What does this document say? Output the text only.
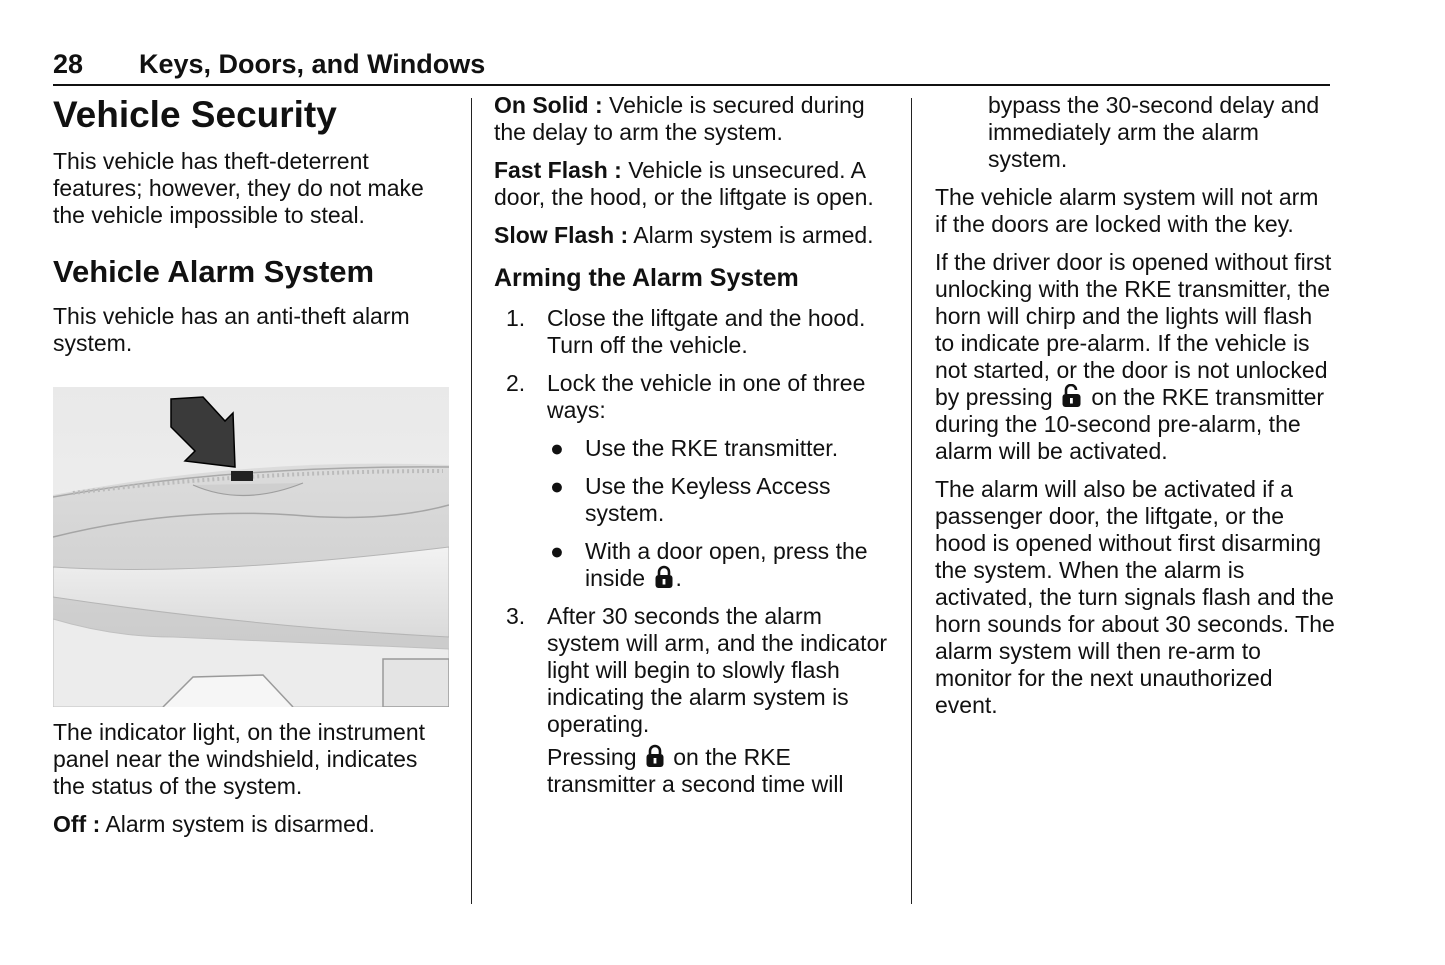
28 Keys, Doors, and Windows
Vehicle Security

This vehicle has theft-deterrent features; however, they do not make the vehicle impossible to steal.

Vehicle Alarm System

This vehicle has an anti-theft alarm system.

The indicator light, on the instrument panel near the windshield, indicates the status of the system.

Off : Alarm system is disarmed.

On Solid : Vehicle is secured during the delay to arm the system.

Fast Flash : Vehicle is unsecured. A door, the hood, or the liftgate is open.

Slow Flash : Alarm system is armed.

Arming the Alarm System
1. Close the liftgate and the hood. Turn off the vehicle.
2. Lock the vehicle in one of three ways:
● Use the RKE transmitter.
● Use the Keyless Access system.
● With a door open, press the inside .
3. After 30 seconds the alarm system will arm, and the indicator light will begin to slowly flash indicating the alarm system is operating.

Pressing  on the RKE transmitter a second time will

bypass the 30-second delay and immediately arm the alarm system.

The vehicle alarm system will not arm if the doors are locked with the key.

If the driver door is opened without first unlocking with the RKE transmitter, the horn will chirp and the lights will flash to indicate pre-alarm. If the vehicle is not started, or the door is not unlocked by pressing  on the RKE transmitter during the 10-second pre-alarm, the alarm will be activated.

The alarm will also be activated if a passenger door, the liftgate, or the hood is opened without first disarming the system. When the alarm is activated, the turn signals flash and the horn sounds for about 30 seconds. The alarm system will then re-arm to monitor for the next unauthorized event.
